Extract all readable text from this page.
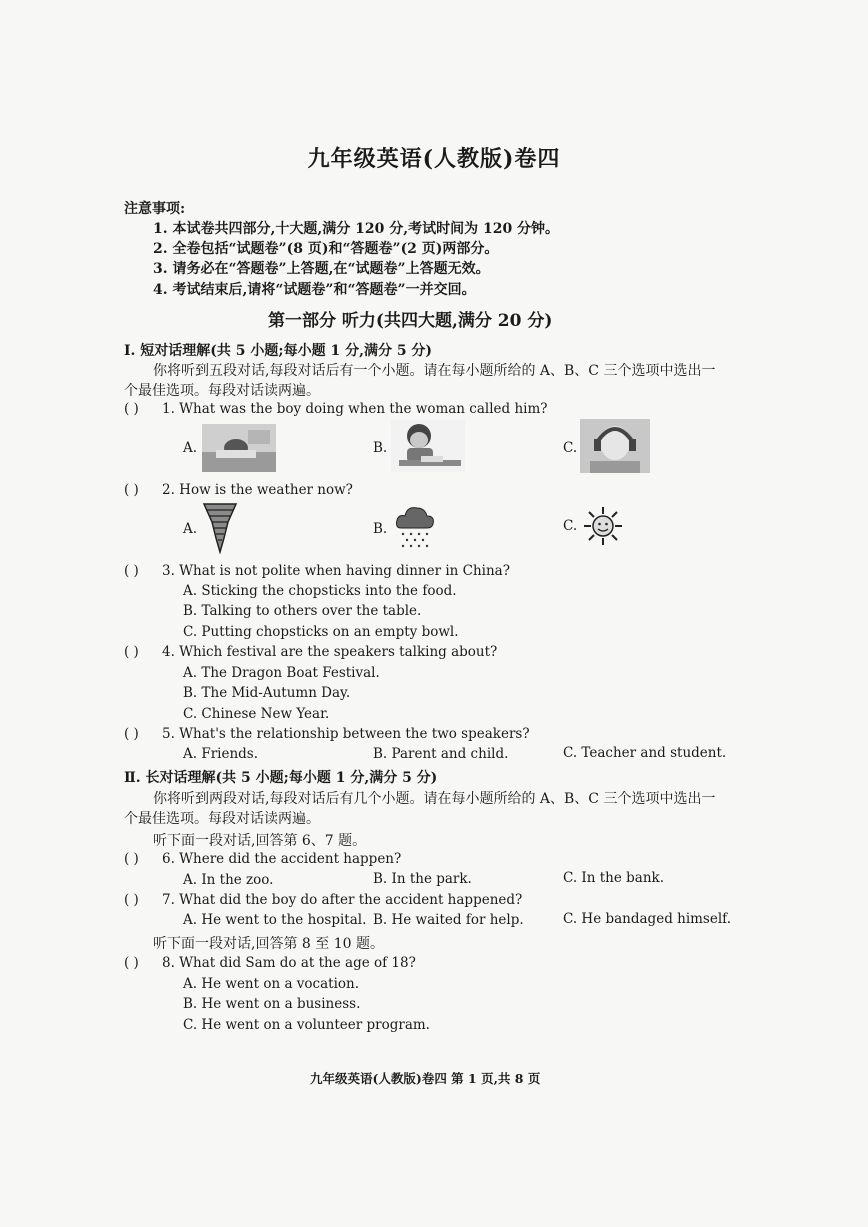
九年级英语(人教版)卷四
注意事项:
1. 本试卷共四部分,十大题,满分 120 分,考试时间为 120 分钟。
2. 全卷包括“试题卷”(8 页)和“答题卷”(2 页)两部分。
3. 请务必在“答题卷”上答题,在“试题卷”上答题无效。
4. 考试结束后,请将“试题卷”和“答题卷”一并交回。
第一部分 听力(共四大题,满分 20 分)
Ⅰ. 短对话理解(共 5 小题;每小题 1 分,满分 5 分)
你将听到五段对话,每段对话后有一个小题。请在每小题所给的 A、B、C 三个选项中选出一
个最佳选项。每段对话读两遍。
( ) 1. What was the boy doing when the woman called him?
A.	B.	C.
( ) 2. How is the weather now?
A.	B.	C.
( ) 3. What is not polite when having dinner in China?
A. Sticking the chopsticks into the food.
B. Talking to others over the table.
C. Putting chopsticks on an empty bowl.
( ) 4. Which festival are the speakers talking about?
A. The Dragon Boat Festival.
B. The Mid-Autumn Day.
C. Chinese New Year.
( ) 5. What's the relationship between the two speakers?
A. Friends.	B. Parent and child.	C. Teacher and student.
Ⅱ. 长对话理解(共 5 小题;每小题 1 分,满分 5 分)
你将听到两段对话,每段对话后有几个小题。请在每小题所给的 A、B、C 三个选项中选出一
个最佳选项。每段对话读两遍。
听下面一段对话,回答第 6、7 题。
( ) 6. Where did the accident happen?
A. In the zoo.	B. In the park.	C. In the bank.
( ) 7. What did the boy do after the accident happened?
A. He went to the hospital. B. He waited for help.	C. He bandaged himself.
听下面一段对话,回答第 8 至 10 题。
( ) 8. What did Sam do at the age of 18?
A. He went on a vocation.
B. He went on a business.
C. He went on a volunteer program.
九年级英语(人教版)卷四 第 1 页,共 8 页
